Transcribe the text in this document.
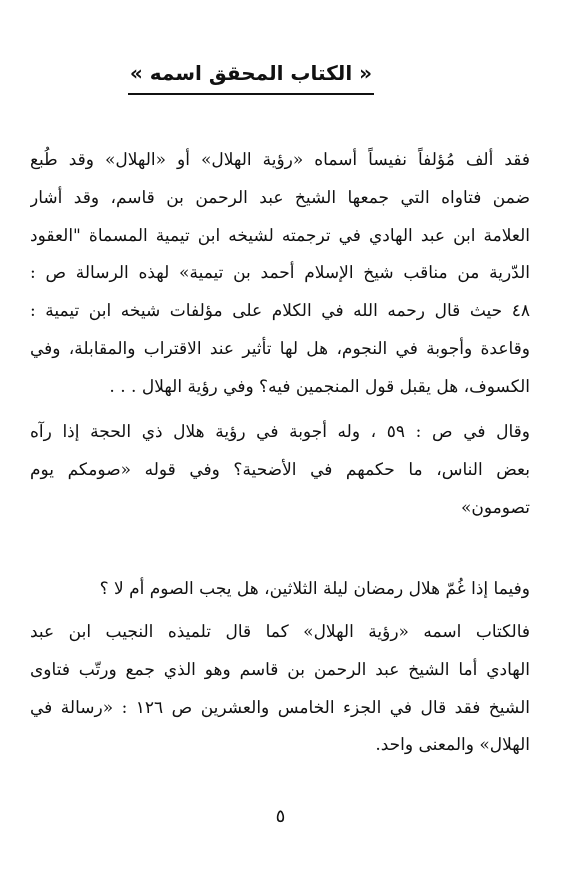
« الكتاب المحقق اسمه »
فقد ألف مُؤلفاً نفيساً أسماه «رؤية الهلال» أو «الهلال» وقد طُبع
ضمن فتاواه التي جمعها الشيخ عبد الرحمن بن قاسم، وقد أشار
العلامة ابن عبد الهادي في ترجمته لشيخه ابن تيمية المسماة "العقود
الدّرية من مناقب شيخ الإسلام أحمد بن تيمية» لهذه الرسالة ص :
٤٨ حيث قال رحمه الله في الكلام على مؤلفات شيخه ابن تيمية :
وقاعدة وأجوبة في النجوم، هل لها تأثير عند الاقتراب والمقابلة، وفي
الكسوف، هل يقبل قول المنجمين فيه؟ وفي رؤية الهلال . . .
وقال في ص : ٥٩ ، وله أجوبة في رؤية هلال ذي الحجة إذا رآه
بعض الناس، ما حكمهم في الأضحية؟ وفي قوله «صومكم يوم
تصومون»
وفيما إذا غُمّ هلال رمضان ليلة الثلاثين، هل يجب الصوم أم لا ؟
فالكتاب اسمه «رؤية الهلال» كما قال تلميذه النجيب ابن عبد
الهادي أما الشيخ عبد الرحمن بن قاسم وهو الذي جمع ورتّب فتاوى
الشيخ فقد قال في الجزء الخامس والعشرين ص ١٢٦ : «رسالة في
الهلال» والمعنى واحد.
٥
